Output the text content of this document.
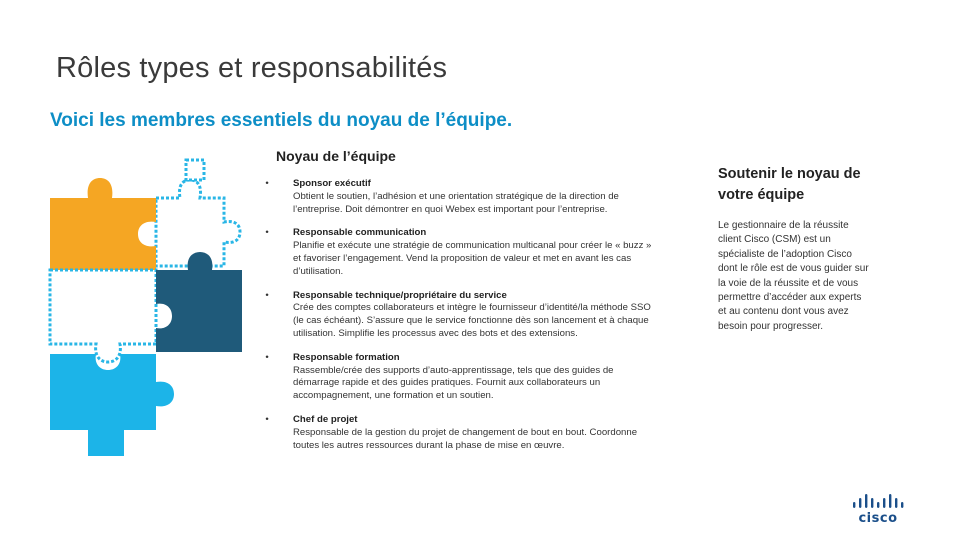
Rôles types et responsabilités
Voici les membres essentiels du noyau de l’équipe.
Noyau de l’équipe
•	Sponsor exécutif
Obtient le soutien, l’adhésion et une orientation stratégique de la direction de l’entreprise. Doit démontrer en quoi Webex est important pour l’entreprise.
•	Responsable communication
Planifie et exécute une stratégie de communication multicanal pour créer le « buzz » et favoriser l’engagement. Vend la proposition de valeur et met en avant les cas d’utilisation.
•	Responsable technique/propriétaire du service
Crée des comptes collaborateurs et intègre le fournisseur d’identité/la méthode SSO (le cas échéant). S’assure que le service fonctionne dès son lancement et à chaque utilisation. Simplifie les processus avec des bots et des extensions.
•	Responsable formation
Rassemble/crée des supports d’auto-apprentissage, tels que des guides de démarrage rapide et des guides pratiques. Fournit aux collaborateurs un accompagnement, une formation et un soutien.
•	Chef de projet
Responsable de la gestion du projet de changement de bout en bout. Coordonne toutes les autres ressources durant la phase de mise en œuvre.
Soutenir le noyau de votre équipe

Le gestionnaire de la réussite client Cisco (CSM) est un spécialiste de l’adoption Cisco dont le rôle est de vous guider sur la voie de la réussite et de vous permettre d’accéder aux experts et au contenu dont vous avez besoin pour progresser.

cisco
